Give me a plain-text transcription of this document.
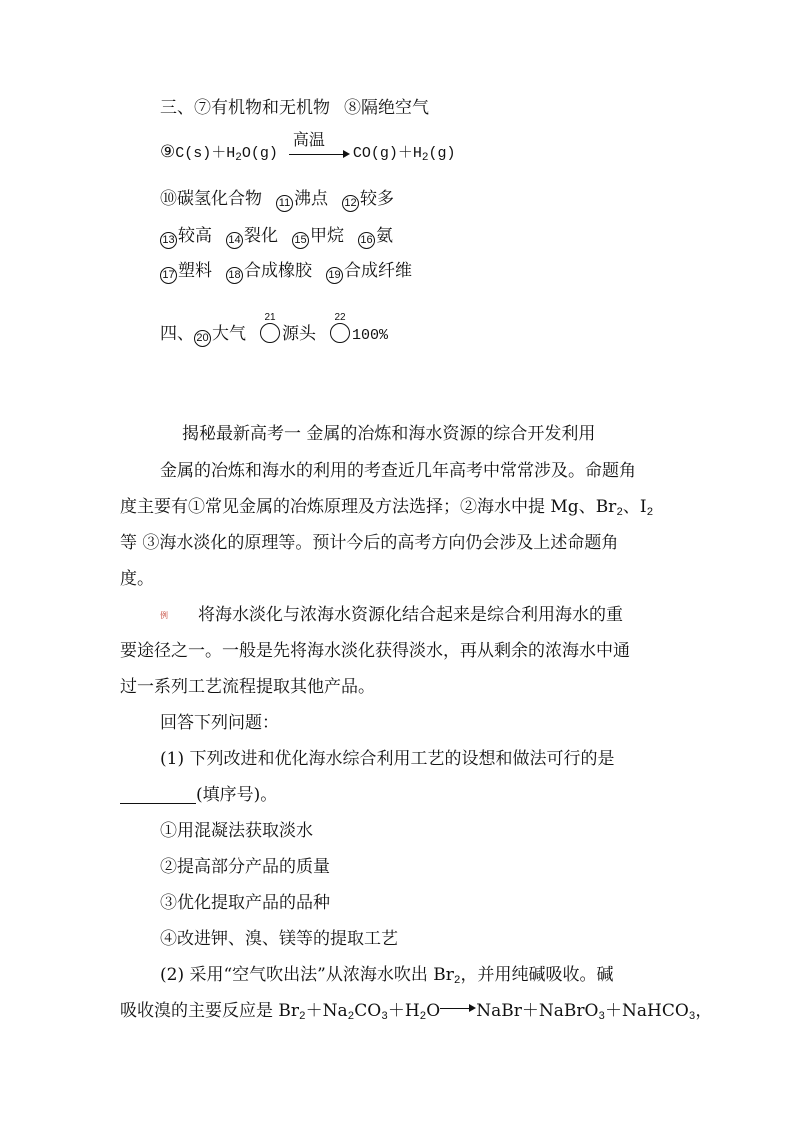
三、⑦有机物和无机物 ⑧隔绝空气
$⑨C(s)+H_2O(g)$
高温
$CO(g)+H_2(g)$
⑩碳氢化合物 11 沸点 12 较多
13 较高 14 裂化 15 甲烷 16 氨
17 塑料 18 合成橡胶 19 合成纤维
四、 20 大气
21
源头
22
100%
揭秘最新高考一 金属的冶炼和海水资源的综合开发利用
金属的冶炼和海水的利用的考查近几年高考中常常涉及。命题角
度主要有①常见金属的冶炼原理及方法选择；②海水中提 Mg、$Br_2$、$I_2$
等 ③海水淡化的原理等。预计今后的高考方向仍会涉及上述命题角
度。
例 将海水淡化与浓海水资源化结合起来是综合利用海水的重
要途径之一。一般是先将海水淡化获得淡水，再从剩余的浓海水中通
过一系列工艺流程提取其他产品。
回答下列问题：
(1) 下列改进和优化海水综合利用工艺的设想和做法可行的是
(填序号)。
①用混凝法获取淡水
②提高部分产品的质量
③优化提取产品的品种
④改进钾、溴、镁等的提取工艺
(2) 采用“空气吹出法”从浓海水吹出 $Br_2$，并用纯碱吸收。碱
吸收溴的主要反应是 $Br_2+Na_2CO_3+H_2O$ NaBr＋NaBrO$_3$＋NaHCO$_3$，
